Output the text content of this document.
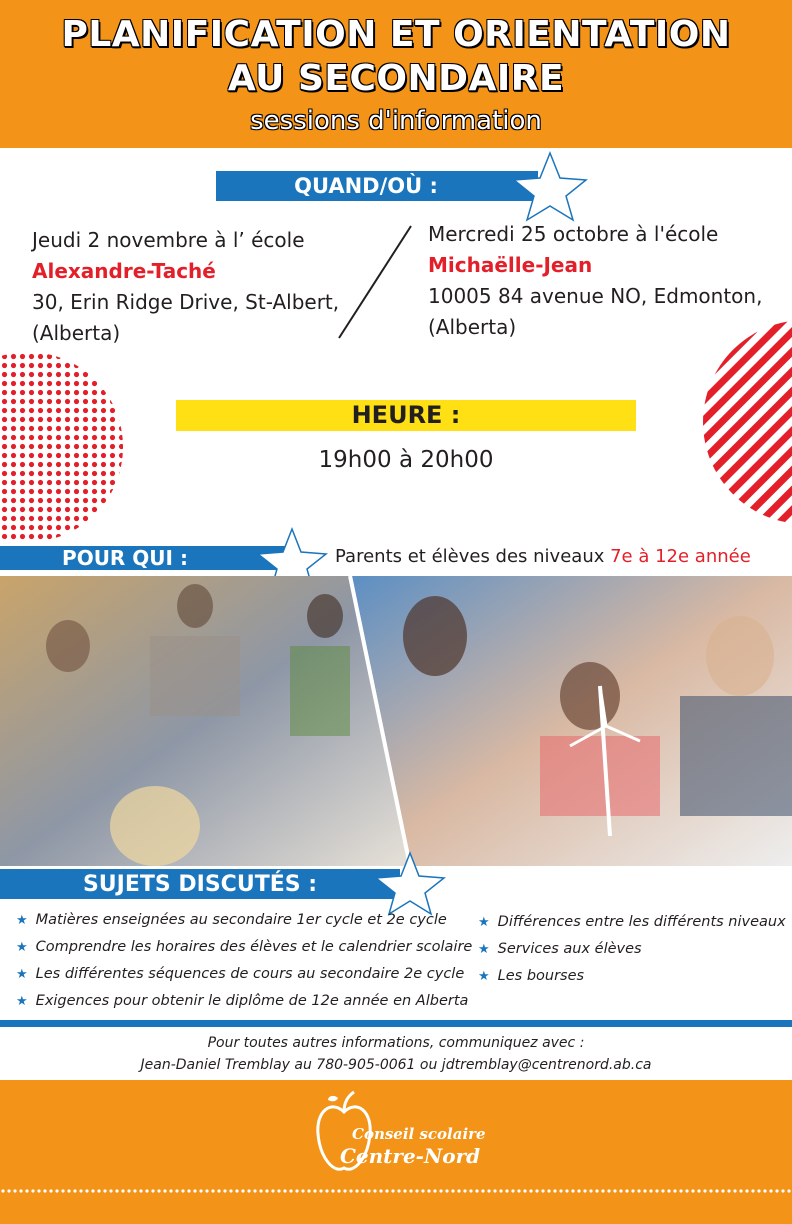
PLANIFICATION ET ORIENTATION
AU SECONDAIRE
sessions d'information
QUAND/OÙ :
Jeudi 2 novembre à l’ école
Alexandre-Taché
30, Erin Ridge Drive, St-Albert,
(Alberta)
Mercredi 25 octobre à l'école
Michaëlle-Jean
10005 84 avenue NO, Edmonton,
(Alberta)
HEURE :
19h00 à 20h00
POUR QUI :	Parents et élèves des niveaux 7e à 12e année
SUJETS DISCUTÉS :
★ Matières enseignées au secondaire 1er cycle et 2e cycle
★ Comprendre les horaires des élèves et le calendrier scolaire
★ Les différentes séquences de cours au secondaire 2e cycle
★ Exigences pour obtenir le diplôme de 12e année en Alberta
★ Différences entre les différents niveaux
★ Services aux élèves
★ Les bourses
Pour toutes autres informations, communiquez avec :
Jean-Daniel Tremblay au 780-905-0061 ou jdtremblay@centrenord.ab.ca
Conseil scolaire
Centre-Nord
